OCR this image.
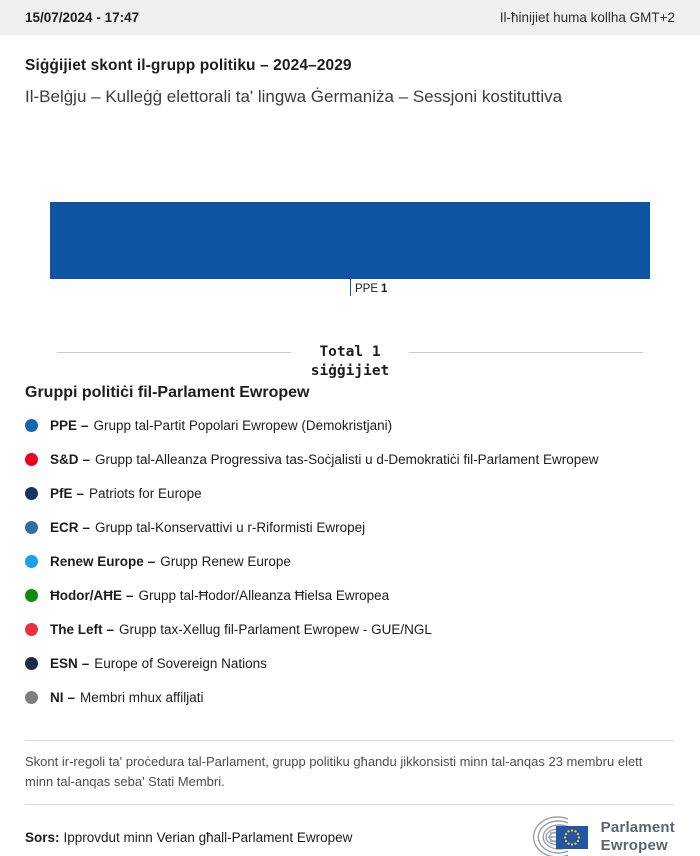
15/07/2024 - 17:47	Il-ħinijiet huma kollha GMT+2
Siġġijiet skont il-grupp politiku – 2024–2029
Il-Belġju – Kulleġġ elettorali ta' lingwa Ġermaniża – Sessjoni kostituttiva
PPE 1
Total 1
siġġijiet
Gruppi politiċi fil-Parlament Ewropew
PPE – Grupp tal-Partit Popolari Ewropew (Demokristjani)
S&D – Grupp tal-Alleanza Progressiva tas-Soċjalisti u d-Demokratiċi fil-Parlament Ewropew
PfE – Patriots for Europe
ECR – Grupp tal-Konservattivi u r-Riformisti Ewropej
Renew Europe – Grupp Renew Europe
Ħodor/AĦE – Grupp tal-Ħodor/Alleanza Ħielsa Ewropea
The Left – Grupp tax-Xellug fil-Parlament Ewropew - GUE/NGL
ESN – Europe of Sovereign Nations
NI – Membri mhux affiljati

Skont ir-regoli ta' proċedura tal-Parlament, grupp politiku għandu jikkonsisti minn tal-anqas 23 membru elett minn tal-anqas seba' Stati Membri.

Sors: Ipprovdut minn Verian għall-Parlament Ewropew
Parlament
Ewropew
